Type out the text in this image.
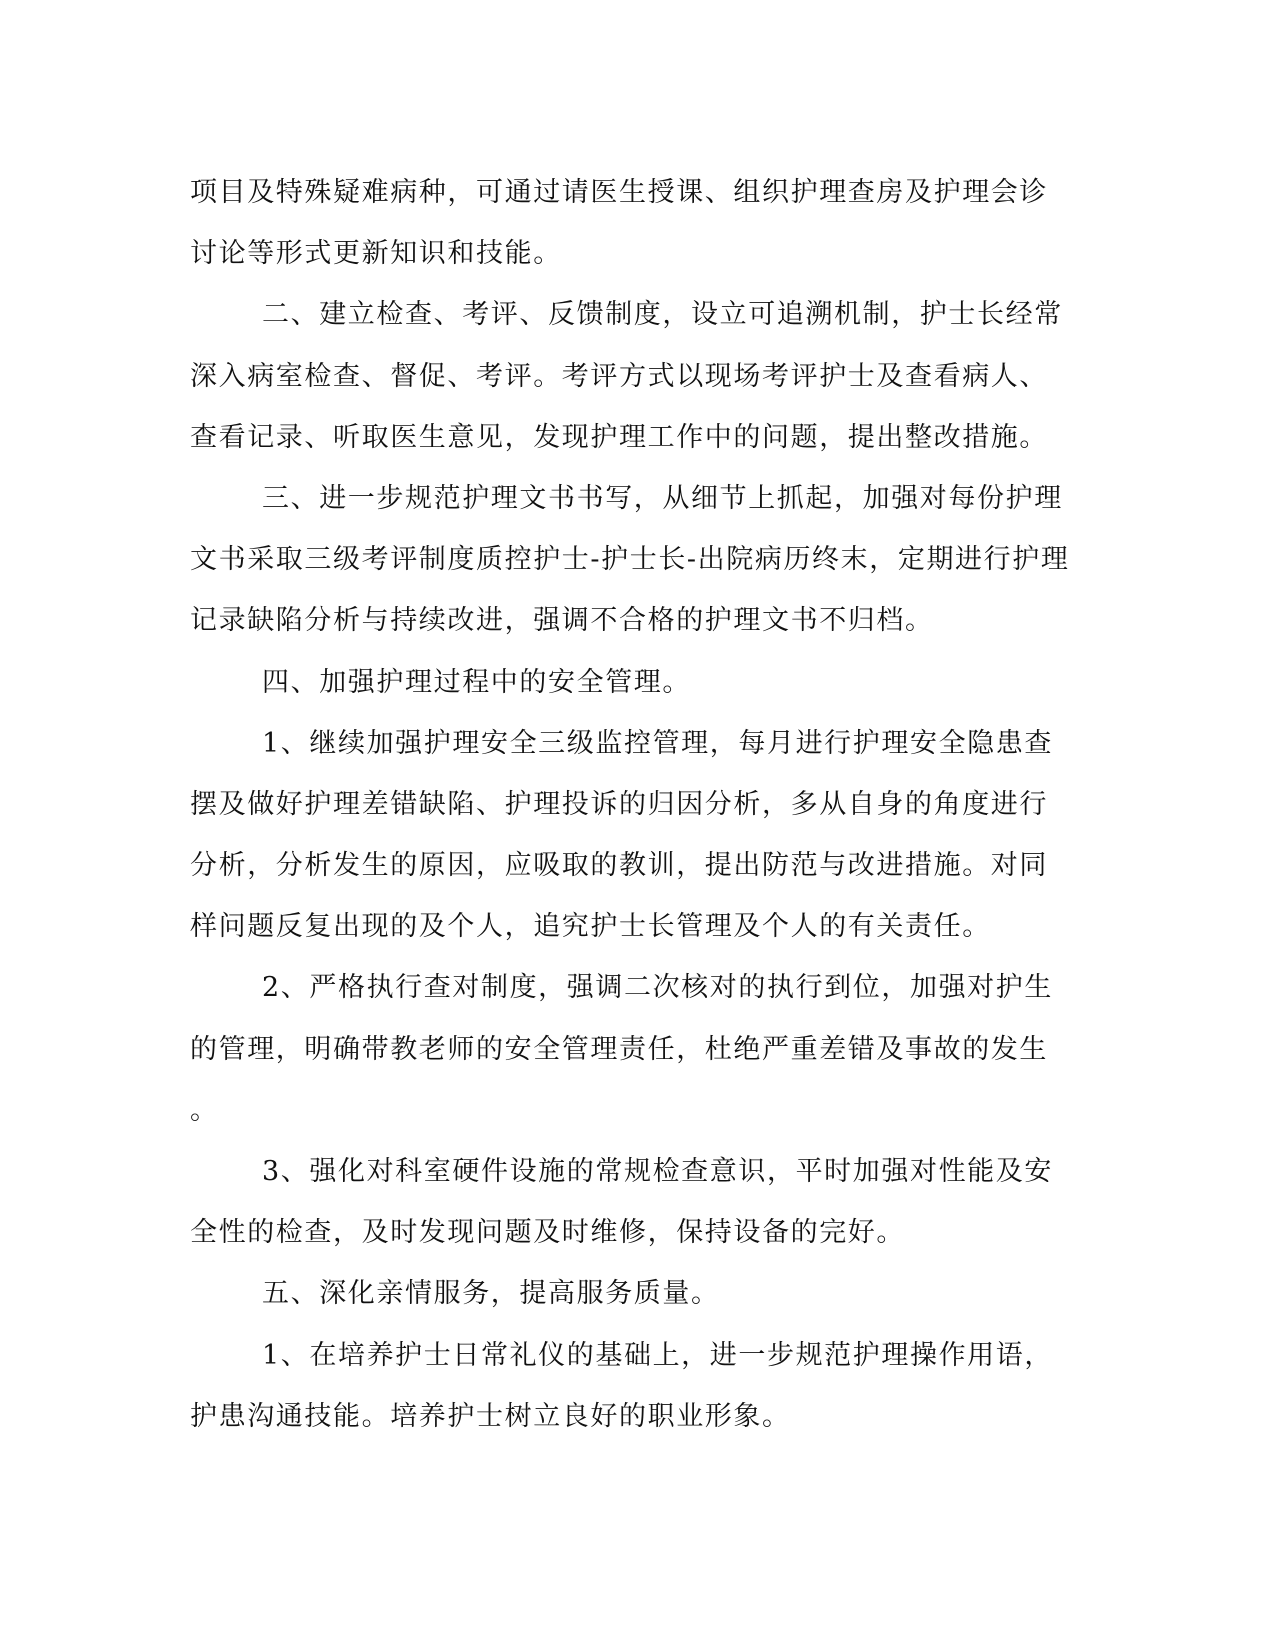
项目及特殊疑难病种，可通过请医生授课、组织护理查房及护理会诊
讨论等形式更新知识和技能。
二、建立检查、考评、反馈制度，设立可追溯机制，护士长经常
深入病室检查、督促、考评。考评方式以现场考评护士及查看病人、
查看记录、听取医生意见，发现护理工作中的问题，提出整改措施。
三、进一步规范护理文书书写，从细节上抓起，加强对每份护理
文书采取三级考评制度质控护士-护士长-出院病历终末，定期进行护理
记录缺陷分析与持续改进，强调不合格的护理文书不归档。
四、加强护理过程中的安全管理。
1、继续加强护理安全三级监控管理，每月进行护理安全隐患查
摆及做好护理差错缺陷、护理投诉的归因分析，多从自身的角度进行
分析，分析发生的原因，应吸取的教训，提出防范与改进措施。对同
样问题反复出现的及个人，追究护士长管理及个人的有关责任。
2、严格执行查对制度，强调二次核对的执行到位，加强对护生
的管理，明确带教老师的安全管理责任，杜绝严重差错及事故的发生
。
3、强化对科室硬件设施的常规检查意识，平时加强对性能及安
全性的检查，及时发现问题及时维修，保持设备的完好。
五、深化亲情服务，提高服务质量。
1、在培养护士日常礼仪的基础上，进一步规范护理操作用语，
护患沟通技能。培养护士树立良好的职业形象。
